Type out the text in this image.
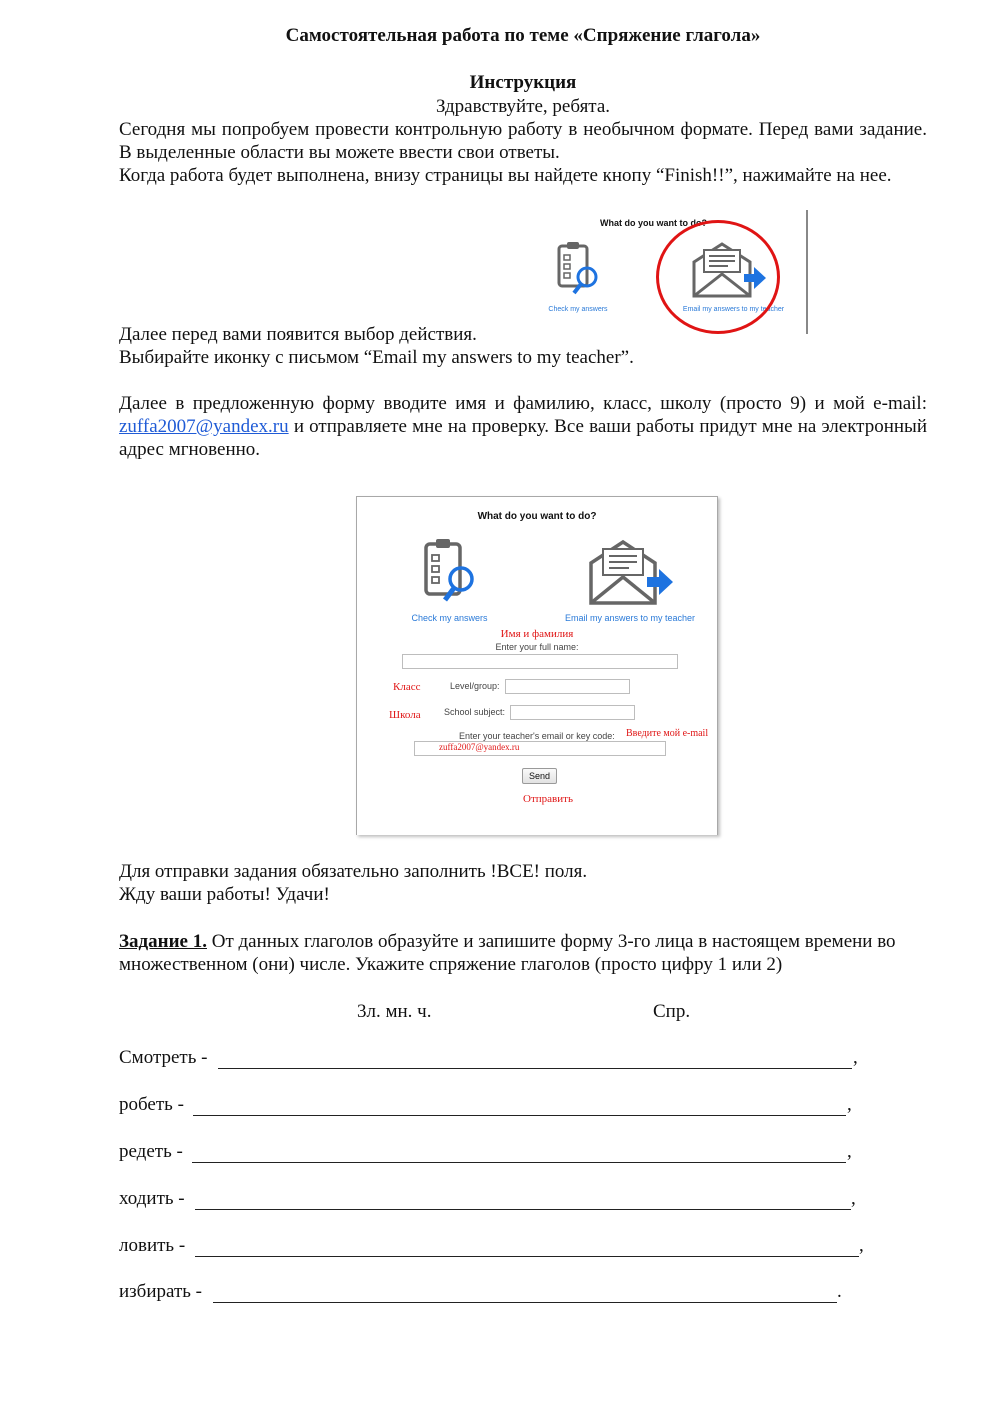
Самостоятельная работа по теме «Спряжение глагола»
Инструкция
Здравствуйте, ребята.
Сегодня мы попробуем провести контрольную работу в необычном формате. Перед вами задание. В выделенные области вы можете ввести свои ответы.
Когда работа будет выполнена, внизу страницы вы найдете кнопу “Finish!!”, нажимайте на нее.
What do you want to do?
Check my answers	Email my answers to my teacher
Далее перед вами появится выбор действия.
Выбирайте иконку с письмом “Email my answers to my teacher”.
Далее в предложенную форму вводите имя и фамилию, класс, школу (просто 9) и мой e-mail: zuffa2007@yandex.ru и отправляете мне на проверку. Все ваши работы придут мне на электронный адрес мгновенно.
What do you want to do?
Check my answers	Email my answers to my teacher
Имя и фамилия
Enter your full name:
Класс	Level/group:
Школа	School subject:
Enter your teacher's email or key code: Введите мой e-mail
zuffa2007@yandex.ru
Send
Отправить
Для отправки задания обязательно заполнить !ВСЕ! поля.
Жду ваши работы! Удачи!
Задание 1. От данных глаголов образуйте и запишите форму 3-го лица в настоящем времени во множественном (они) числе. Укажите спряжение глаголов (просто цифру 1 или 2)
3л. мн. ч.	Спр.
Смотреть -	,
робеть -	,
редеть -	,
ходить -	,
ловить -	,
избирать -	.
